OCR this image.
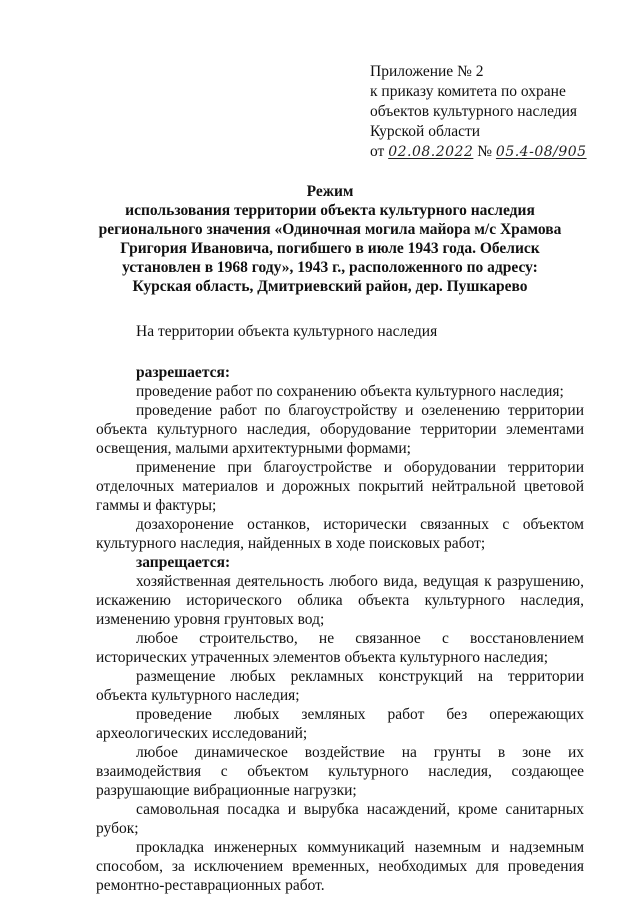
Приложение № 2
к приказу комитета по охране
объектов культурного наследия
Курской области
от 02.08.2022 № 05.4-08/905
Режим
использования территории объекта культурного наследия
регионального значения «Одиночная могила майора м/с Храмова
Григория Ивановича, погибшего в июле 1943 года. Обелиск
установлен в 1968 году», 1943 г., расположенного по адресу:
Курская область, Дмитриевский район, дер. Пушкарево

На территории объекта культурного наследия

разрешается:

проведение работ по сохранению объекта культурного наследия;

проведение работ по благоустройству и озеленению территории объекта культурного наследия, оборудование территории элементами освещения, малыми архитектурными формами;

применение при благоустройстве и оборудовании территории отделочных материалов и дорожных покрытий нейтральной цветовой гаммы и фактуры;

дозахоронение останков, исторически связанных с объектом культурного наследия, найденных в ходе поисковых работ;

запрещается:

хозяйственная деятельность любого вида, ведущая к разрушению, искажению исторического облика объекта культурного наследия, изменению уровня грунтовых вод;

любое строительство, не связанное с восстановлением исторических утраченных элементов объекта культурного наследия;

размещение любых рекламных конструкций на территории объекта культурного наследия;

проведение любых земляных работ без опережающих археологических исследований;

любое динамическое воздействие на грунты в зоне их взаимодействия с объектом культурного наследия, создающее разрушающие вибрационные нагрузки;

самовольная посадка и вырубка насаждений, кроме санитарных рубок;

прокладка инженерных коммуникаций наземным и надземным способом, за исключением временных, необходимых для проведения ремонтно-реставрационных работ.
